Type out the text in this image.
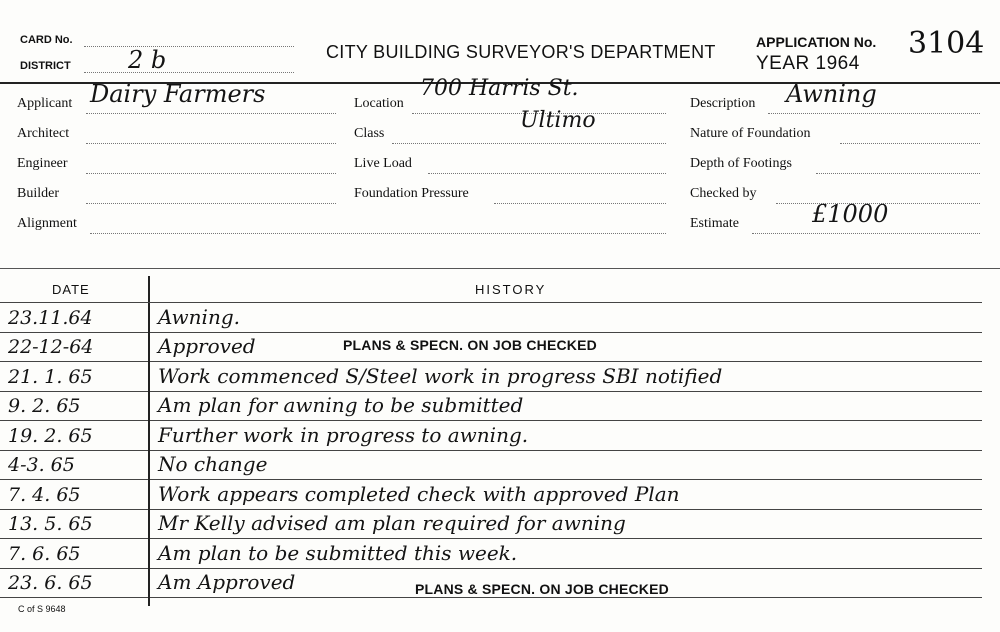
CARD No.
DISTRICT 2 b	CITY BUILDING SURVEYOR'S DEPARTMENT	APPLICATION No. 3104
YEAR 1964
Applicant Dairy Farmers
Architect
Engineer
Builder
Alignment
Location
700 Harris St.
Ultimo
Class
Live Load
Foundation Pressure
Description Awning
Nature of Foundation
Depth of Footings
Checked by
Estimate	£1000
DATE	HISTORY
23.11.64	Awning.
22-12-64	Approved	PLANS & SPECN. ON JOB CHECKED
21. 1. 65	Work commenced S/Steel work in progress SBI notified
9. 2. 65	Am plan for awning to be submitted
19. 2. 65	Further work in progress to awning.
4-3. 65	No change
7. 4. 65	Work appears completed check with approved Plan
13. 5. 65	Mr Kelly advised am plan required for awning
7. 6. 65	Am plan to be submitted this week.
23. 6. 65	Am Approved	PLANS & SPECN. ON JOB CHECKED
C of S 9648
